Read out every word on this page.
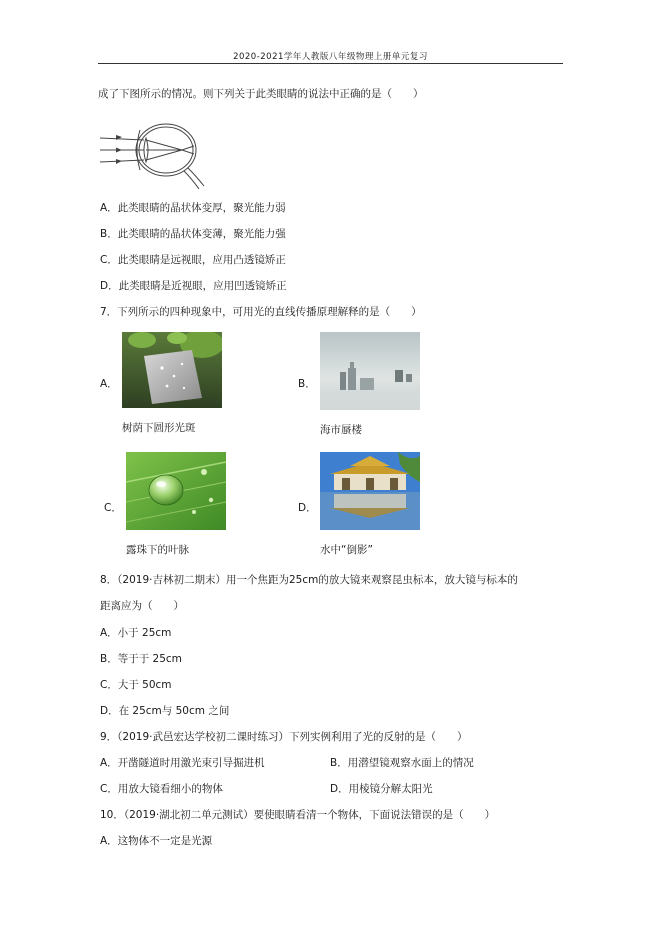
2020-2021学年人教版八年级物理上册单元复习
成了下图所示的情况。则下列关于此类眼睛的说法中正确的是（　　）
A．此类眼睛的晶状体变厚，聚光能力弱
B．此类眼睛的晶状体变薄，聚光能力强
C．此类眼睛是远视眼，应用凸透镜矫正
D．此类眼睛是近视眼，应用凹透镜矫正
7．下列所示的四种现象中，可用光的直线传播原理解释的是（　　）
A．
树荫下圆形光斑
B．
海市蜃楼
C．
露珠下的叶脉
D．
水中“倒影”
8．（2019·吉林初二期末）用一个焦距为25cm的放大镜来观察昆虫标本，放大镜与标本的
距离应为（　　）
A．小于 25cm
B．等于于 25cm
C．大于 50cm
D．在 25cm与 50cm 之间
9．（2019·武邑宏达学校初二课时练习）下列实例利用了光的反射的是（　　）
A．开凿隧道时用激光束引导掘进机	B．用潜望镜观察水面上的情况
C．用放大镜看细小的物体	D．用棱镜分解太阳光
10．（2019·湖北初二单元测试）要使眼睛看清一个物体，下面说法错误的是（　　）
A．这物体不一定是光源
